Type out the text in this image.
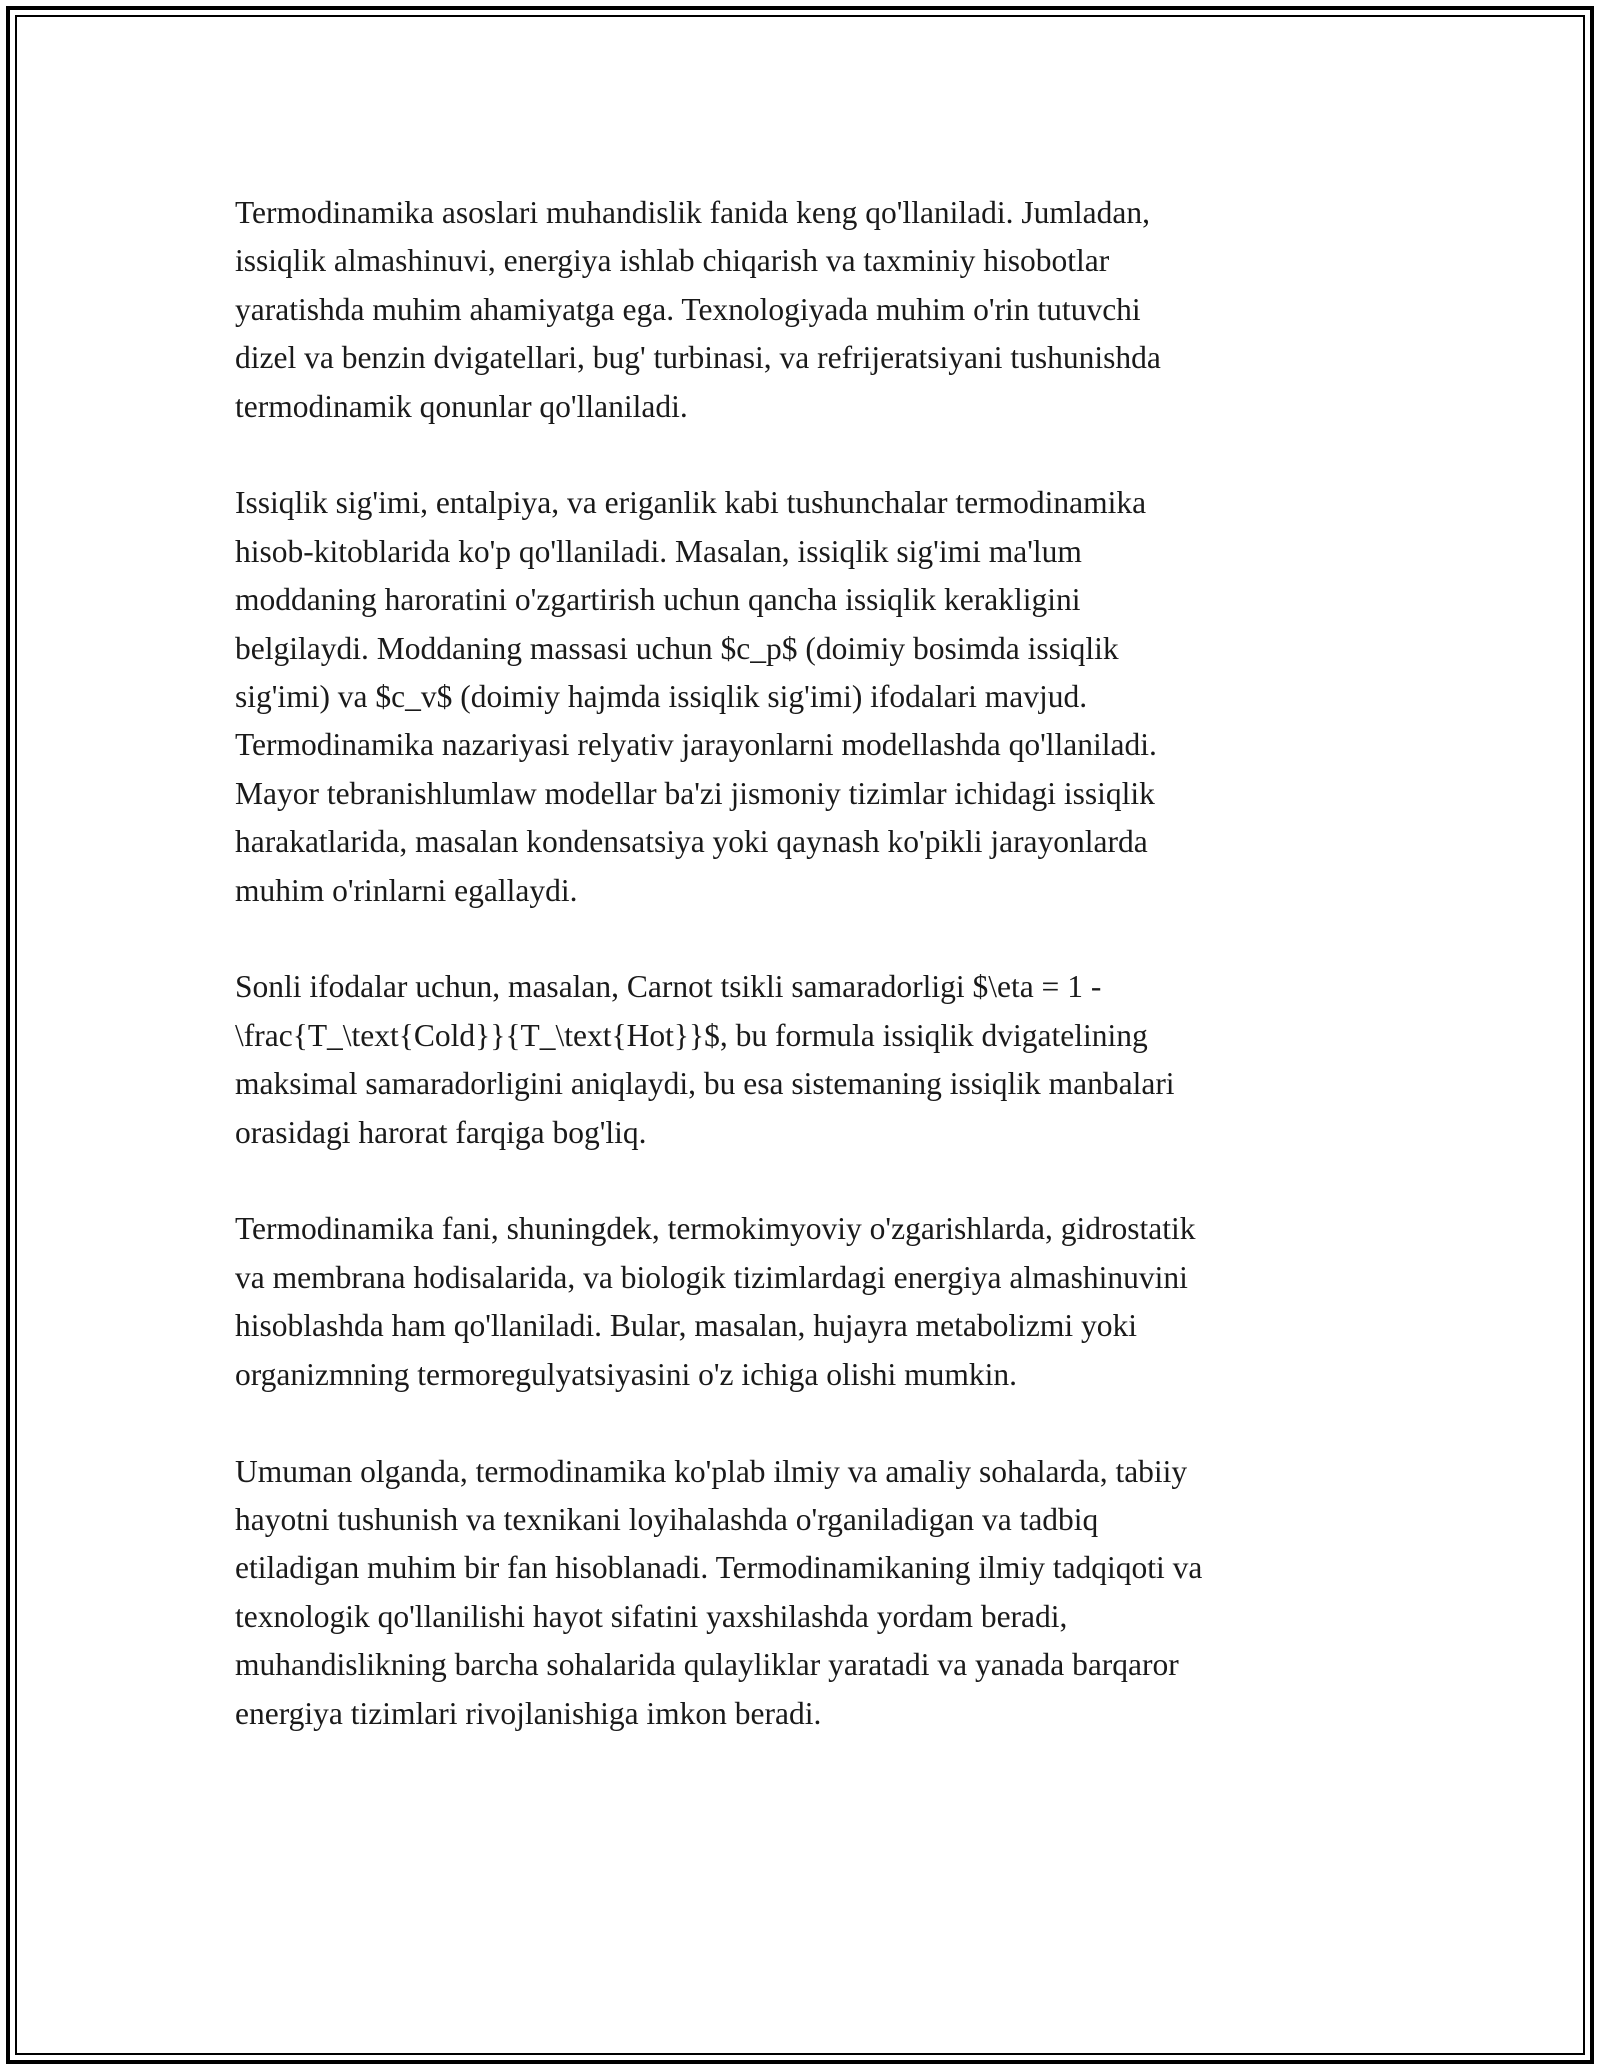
Termodinamika asoslari muhandislik fanida keng qo'llaniladi. Jumladan,
issiqlik almashinuvi, energiya ishlab chiqarish va taxminiy hisobotlar
yaratishda muhim ahamiyatga ega. Texnologiyada muhim o'rin tutuvchi
dizel va benzin dvigatellari, bug' turbinasi, va refrijeratsiyani tushunishda
termodinamik qonunlar qo'llaniladi.

Issiqlik sig'imi, entalpiya, va eriganlik kabi tushunchalar termodinamika
hisob-kitoblarida ko'p qo'llaniladi. Masalan, issiqlik sig'imi ma'lum
moddaning haroratini o'zgartirish uchun qancha issiqlik kerakligini
belgilaydi. Moddaning massasi uchun $c_p$ (doimiy bosimda issiqlik
sig'imi) va $c_v$ (doimiy hajmda issiqlik sig'imi) ifodalari mavjud.
Termodinamika nazariyasi relyativ jarayonlarni modellashda qo'llaniladi.
Mayor tebranishlumlaw modellar ba'zi jismoniy tizimlar ichidagi issiqlik
harakatlarida, masalan kondensatsiya yoki qaynash ko'pikli jarayonlarda
muhim o'rinlarni egallaydi.

Sonli ifodalar uchun, masalan, Carnot tsikli samaradorligi $\eta = 1 -
\frac{T_\text{Cold}}{T_\text{Hot}}$, bu formula issiqlik dvigatelining
maksimal samaradorligini aniqlaydi, bu esa sistemaning issiqlik manbalari
orasidagi harorat farqiga bog'liq.

Termodinamika fani, shuningdek, termokimyoviy o'zgarishlarda, gidrostatik
va membrana hodisalarida, va biologik tizimlardagi energiya almashinuvini
hisoblashda ham qo'llaniladi. Bular, masalan, hujayra metabolizmi yoki
organizmning termoregulyatsiyasini o'z ichiga olishi mumkin.

Umuman olganda, termodinamika ko'plab ilmiy va amaliy sohalarda, tabiiy
hayotni tushunish va texnikani loyihalashda o'rganiladigan va tadbiq
etiladigan muhim bir fan hisoblanadi. Termodinamikaning ilmiy tadqiqoti va
texnologik qo'llanilishi hayot sifatini yaxshilashda yordam beradi,
muhandislikning barcha sohalarida qulayliklar yaratadi va yanada barqaror
energiya tizimlari rivojlanishiga imkon beradi.
